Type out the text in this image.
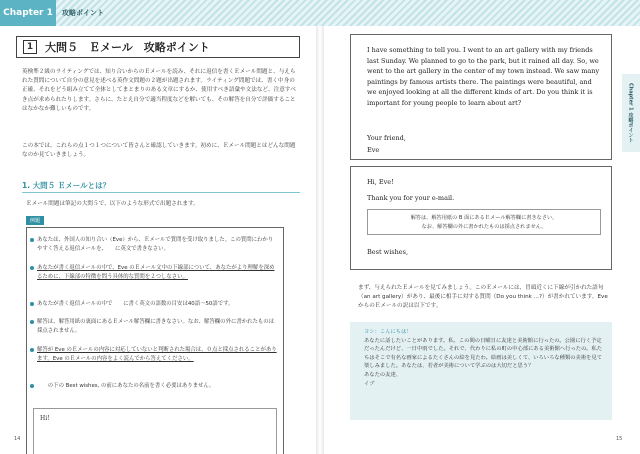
Chapter 1	攻略ポイント
1	大問５　Ｅメール　攻略ポイント
英検準２級のライティングでは、知り合いからのＥメールを読み、それに返信を書くＥメール問題と、与えられた質問について自分の意見を述べる英作文問題の２題が出題されます。ライティング問題では、書く中身の正確、それをどう組み立てて全体としてまとまりのある文章にするか、使用すべき語彙や文法など、注意すべき点が求められたりします。さらに、たとえ自分で適当程度などを解いても、その解答を自分で評価することはなかなか難しいものです。
この本では、これらの点１つ１つについて皆さんと確認していきます。初めに、Ｅメール問題とはどんな問題なのか見ていきましょう。
1. 大問５ Ｅメールとは？
Ｅメール問題は筆記の大問５で、以下のような形式で出題されます。
例題
あなたは、外国人の知り合い（Eve）から、Ｅメールで質問を受け取りました。この質問にわかりやすく答える返信メールを、　　に英文で書きなさい。
あなたが書く返信メールの中で、Eve のＥメール文中の下線部について、あなたがより理解を深めるために、下線部の特徴を問う具体的な質問を２つしなさい。
あなたが書く返信メールの中で　　に書く英文の語数の目安は40語〜50語です。
解答は、解答用紙の裏面にあるＥメール解答欄に書きなさい。なお、解答欄の外に書かれたものは採点されません。
解答が Eve のＥメールの内容に対応していないと判断された場合は、０点と採点されることがあります。Eve のＥメールの内容をよく読んでから答えてください。
　　の下の Best wishes, の前にあなたの名前を書く必要はありません。
Hi!
14
I have something to tell you. I went to an art gallery with my friends last Sunday. We planned to go to the park, but it rained all day. So, we went to the art gallery in the center of my town instead. We saw many paintings by famous artists there. The paintings were beautiful, and we enjoyed looking at all the different kinds of art. Do you think it is important for young people to learn about art?
Your friend,
Eve
Hi, Eve!
Thank you for your e-mail.
解答は、解答用紙の B 面にあるＥメール解答欄に書きなさい。
なお、解答欄の外に書かれたものは採点されません。
Best wishes,
まず、与えられたＥメールを見てみましょう。このＥメールには、冒頭近くに下線が引かれた語句（an art gallery）があり、最後に相手に対する質問（Do you think ...?）が書かれています。Eve からのＥメールの訳は以下です。
ヨシ：こんにちは！
あなたに話したいことがあります。私、この間の日曜日に友達と美術館に行ったの。公園に行く予定だったんだけど、一日中雨でした。それで、代わりに私の町の中心部にある美術館へ行ったの。私たちはそこで有名な画家によるたくさんの絵を見たわ。絵画は美しくて、いろいろな種類の美術を見て楽しみました。あなたは、若者が美術について学ぶのは大切だと思う？
あなたの友達、
イブ
Chapter 1 攻略ポイント
15
